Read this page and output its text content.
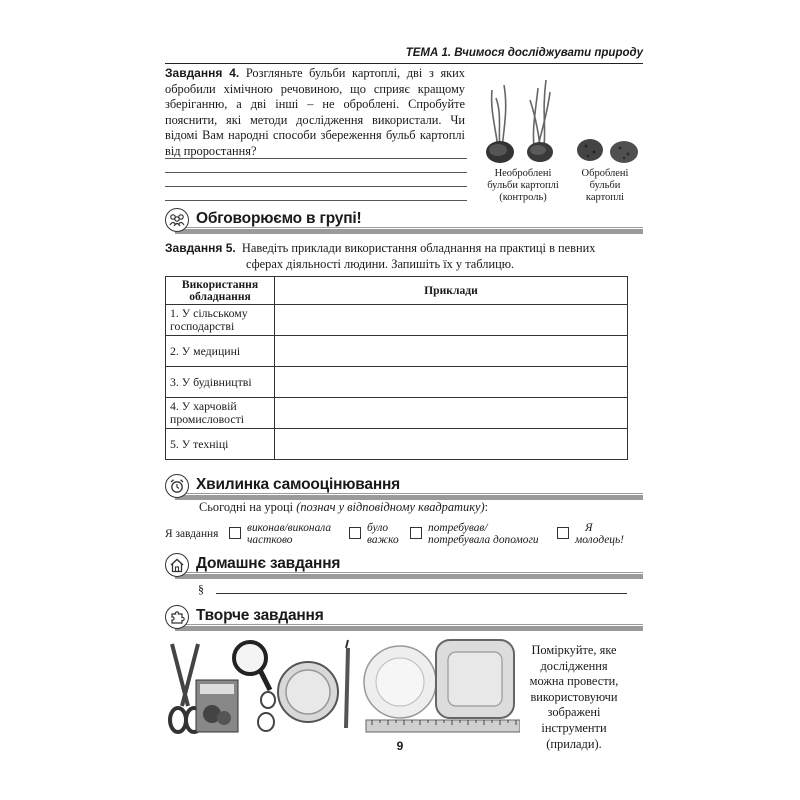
ТЕМА 1. Вчимося досліджувати природу
Завдання 4. Розгляньте бульби картоплі, дві з яких обробили хімічною речовиною, що сприяє кращому зберіганню, а дві інші – не оброблені. Спробуйте пояснити, які методи дослідження використали. Чи відомі Вам народні способи збереження бульб картоплі від проростання?
Необроблені
бульби картоплі
(контроль)
Оброблені
бульби
картоплі
Обговорюємо в групі!
Завдання 5. Наведіть приклади використання обладнання на практиці в певних
сферах діяльності людини. Запишіть їх у таблицю.
Використання обладнання	Приклади
1. У сільському господарстві	
2. У медицині	
3. У будівництві	
4. У харчовій промисловості	
5. У техніці	
Хвилинка самооцінювання
Сьогодні на уроці (познач у відповідному квадратику):
Я завдання	виконав/виконала
частково
було
важко
потребував/
потребувала допомоги
Я
молодець!
Домашнє завдання
§
Творче завдання
Поміркуйте, яке дослідження можна провести, використовуючи зображені інструменти (прилади).
9
